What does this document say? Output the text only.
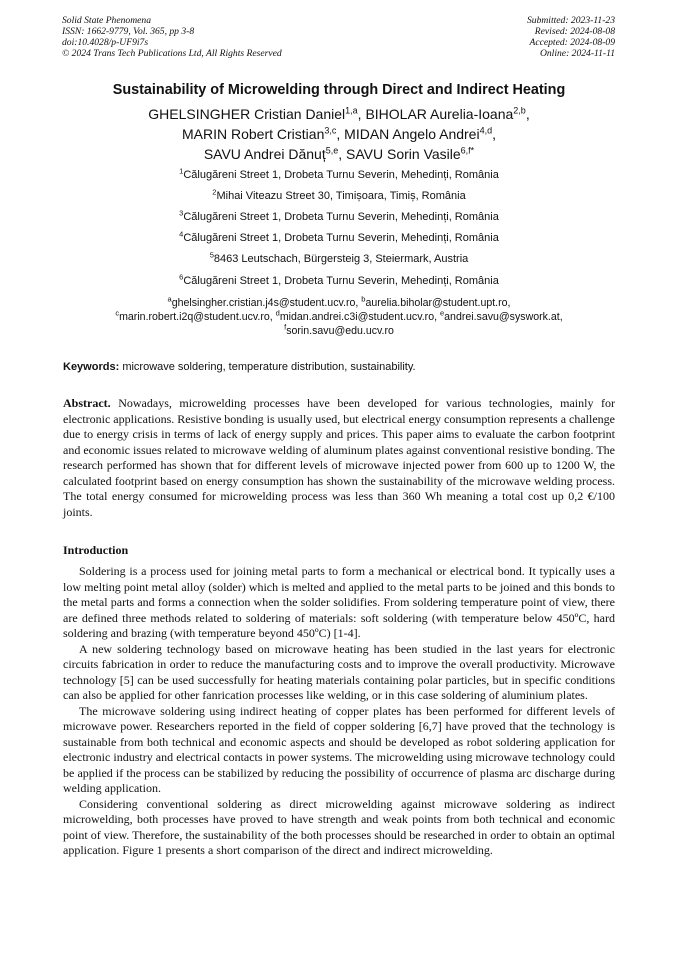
Solid State Phenomena
ISSN: 1662-9779, Vol. 365, pp 3-8
doi:10.4028/p-UF9i7s
© 2024 Trans Tech Publications Ltd, All Rights Reserved
Submitted: 2023-11-23
Revised: 2024-08-08
Accepted: 2024-08-09
Online: 2024-11-11
Sustainability of Microwelding through Direct and Indirect Heating
GHELSINGHER Cristian Daniel$^{1,a}$, BIHOLAR Aurelia-Ioana$^{2,b}$,
MARIN Robert Cristian$^{3,c}$, MIDAN Angelo Andrei$^{4,d}$,
SAVU Andrei Dănuț$^{5,e}$, SAVU Sorin Vasile$^{6,f*}$
$^1$Călugăreni Street 1, Drobeta Turnu Severin, Mehedinți, România
$^2$Mihai Viteazu Street 30, Timișoara, Timiș, România
$^3$Călugăreni Street 1, Drobeta Turnu Severin, Mehedinți, România
$^4$Călugăreni Street 1, Drobeta Turnu Severin, Mehedinți, România
$^5$8463 Leutschach, Bürgersteig 3, Steiermark, Austria
$^6$Călugăreni Street 1, Drobeta Turnu Severin, Mehedinți, România
$^a$ghelsingher.cristian.j4s@student.ucv.ro, $^b$aurelia.biholar@student.upt.ro,
$^c$marin.robert.i2q@student.ucv.ro, $^d$midan.andrei.c3i@student.ucv.ro, $^e$andrei.savu@syswork.at,
$^f$sorin.savu@edu.ucv.ro
Keywords: microwave soldering, temperature distribution, sustainability.

Abstract. Nowadays, microwelding processes have been developed for various technologies, mainly for electronic applications. Resistive bonding is usually used, but electrical energy consumption represents a challenge due to energy crisis in terms of lack of energy supply and prices. This paper aims to evaluate the carbon footprint and economic issues related to microwave welding of aluminum plates against conventional resistive bonding. The research performed has shown that for different levels of microwave injected power from 600 up to 1200 W, the calculated footprint based on energy consumption has shown the sustainability of the microwave welding process. The total energy consumed for microwelding process was less than 360 Wh meaning a total cost up 0,2 €/100 joints.

Introduction

Soldering is a process used for joining metal parts to form a mechanical or electrical bond. It typically uses a low melting point metal alloy (solder) which is melted and applied to the metal parts to be joined and this bonds to the metal parts and forms a connection when the solder solidifies. From soldering temperature point of view, there are defined three methods related to soldering of materials: soft soldering (with temperature below 450ºC, hard soldering and brazing (with temperature beyond 450ºC) [1-4].

A new soldering technology based on microwave heating has been studied in the last years for electronic circuits fabrication in order to reduce the manufacturing costs and to improve the overall productivity. Microwave technology [5] can be used successfully for heating materials containing polar particles, but in specific conditions can also be applied for other fanrication processes like welding, or in this case soldering of aluminium plates.

The microwave soldering using indirect heating of copper plates has been performed for different levels of microwave power. Researchers reported in the field of copper soldering [6,7] have proved that the technology is sustainable from both technical and economic aspects and should be developed as robot soldering application for electronic industry and electrical contacts in power systems. The microwelding using microwave technology could be applied if the process can be stabilized by reducing the possibility of occurrence of plasma arc discharge during welding application.

Considering conventional soldering as direct microwelding against microwave soldering as indirect microwelding, both processes have proved to have strength and weak points from both technical and economic point of view. Therefore, the sustainability of the both processes should be researched in order to obtain an optimal application. Figure 1 presents a short comparison of the direct and indirect microwelding.
